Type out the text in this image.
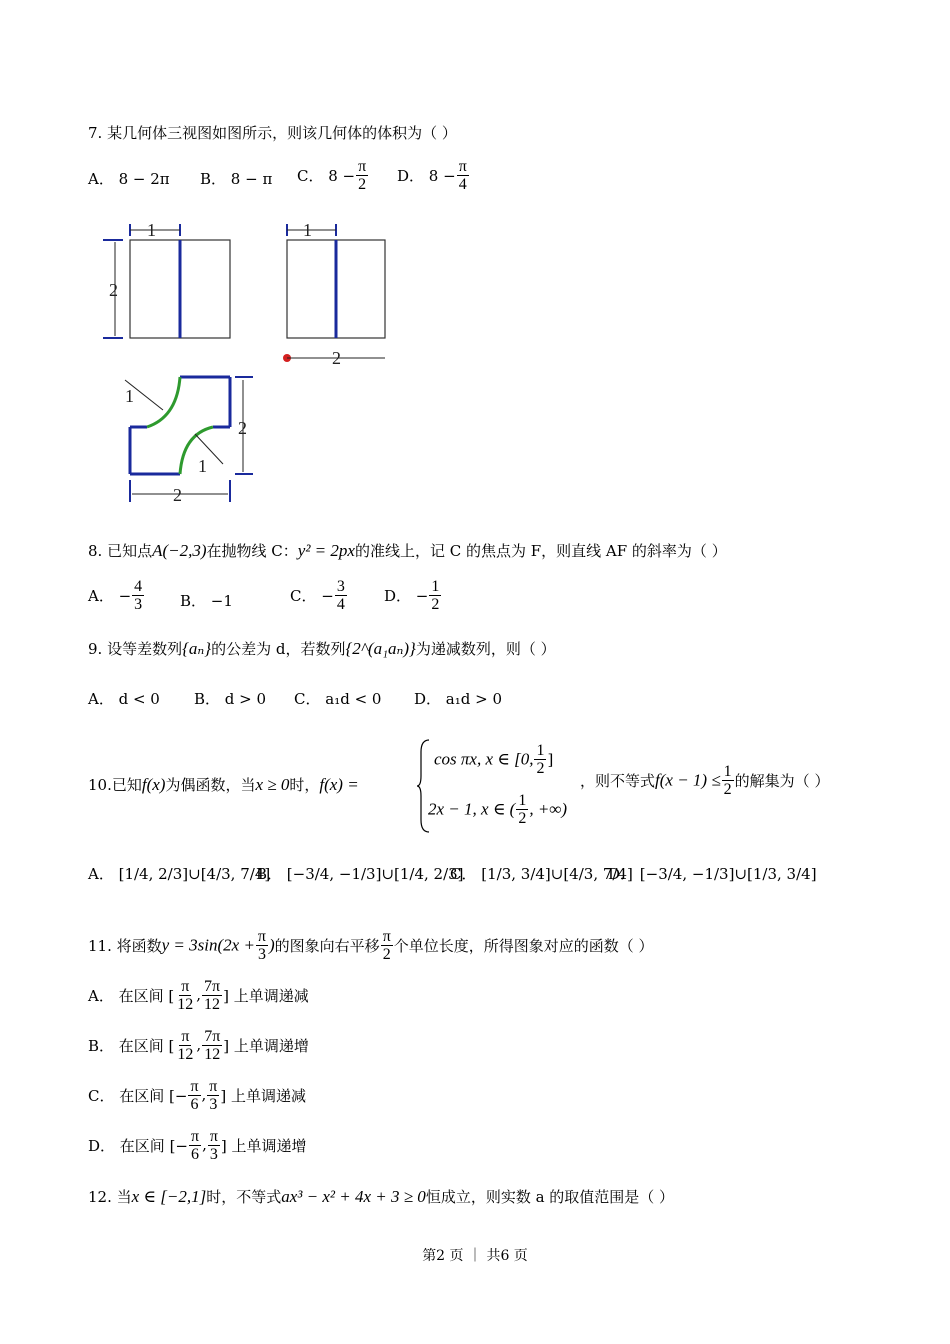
7. 某几何体三视图如图所示，则该几何体的体积为（ ）
A． 8 − 2π B． 8 − π C． $8 - \frac{\pi}{2}$ D． $8 - \frac{\pi}{4}$
1
2
1
2
1
1
2
2
8. 已知点A(−2,3)在抛物线 C：y² = 2px的准线上，记 C 的焦点为 F，则直线 AF 的斜率为（ ）
A． − $\frac{4}{3}$ B． −1	C． − $\frac{3}{4}$ D． − $\frac{1}{2}$
9. 设等差数列{aₙ}的公差为 d，若数列{2^(a₁aₙ)}为递减数列，则（ ）
A． d < 0 B． d > 0 C． a₁d < 0 D． a₁d > 0
10.已知f(x)为偶函数，当x ≥ 0时，f(x) =
cos πx, x ∈ [0, $\frac{1}{2}$ ]
2x − 1, x ∈ ( $\frac{1}{2}$ , +∞)
，则不等式$f(x - 1) \le \frac{1}{2}$ 的解集为（ ）
A． [1/4, 2/3]∪[4/3, 7/4]
B． [−3/4, −1/3]∪[1/4, 2/3]
C． [1/3, 3/4]∪[4/3, 7/4]
D． [−3/4, −1/3]∪[1/3, 3/4]
11. 将函数$y = 3\sin(2x + \frac{\pi}{3}$ )的图象向右平移 $\frac{\pi}{2}$ 个单位长度，所得图象对应的函数（ ）
A． 在区间 [ $\frac{\pi}{12}$ , $\frac{7\pi}{12}$ ] 上单调递减
B． 在区间 [ $\frac{\pi}{12}$ , $\frac{7\pi}{12}$ ] 上单调递增
C． 在区间 [− $\frac{\pi}{6}$ , $\frac{\pi}{3}$ ] 上单调递减
D． 在区间 [− $\frac{\pi}{6}$ , $\frac{\pi}{3}$ ] 上单调递增
12. 当x ∈ [−2,1]时，不等式ax³ − x² + 4x + 3 ≥ 0恒成立，则实数 a 的取值范围是（ ）
第2 页 ｜ 共6 页
